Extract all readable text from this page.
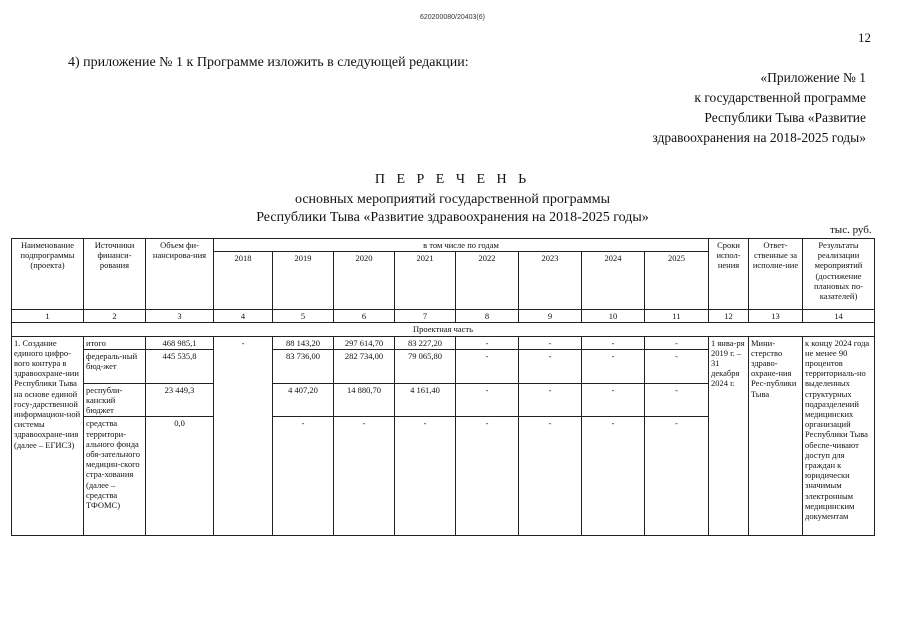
620200080/20403(6)
12
4) приложение № 1 к Программе изложить в следующей редакции:
«Приложение № 1
к государственной программе
Республики Тыва «Развитие
здравоохранения на 2018-2025 годы»
П Е Р Е Ч Е Н Ь
основных мероприятий государственной программы
Республики Тыва «Развитие здравоохранения на 2018-2025 годы»
тыс. руб.
Наименование подпрограммы (проекта)	Источники финанси-рования	Объем фи-нансирова-ния	в том числе по годам								Сроки испол-нения	Ответ-ственные за исполне-ние	Результаты реализации мероприятий (достижение плановых по-казателей)
			2018	2019	2020	2021	2022	2023	2024	2025			
1	2	3	4	5	6	7	8	9	10	11	12	13	14
Проектная часть													
1. Создание единого цифро-вого контура в здравоохране-нии Республики Тыва на основе единой госу-дарственной информацион-ной системы здравоохране-ния (далее – ЕГИСЗ)	итого	468 985,1	-	88 143,20	297 614,70	83 227,20	-	-	-	-	1 янва-ря 2019 г. – 31 декабря 2024 г.	Мини-стерство здраво-охране-ния Рес-публики Тыва	к концу 2024 года не менее 90 процентов территориаль-но выделенных структурных подразделений медицинских организаций Республики Тыва обеспе-чивают доступ для граждан к юридически значимым электронным медицинским документам
	федераль-ный бюд-жет	445 535,8		83 736,00	282 734,00	79 065,80	-	-	-	-			
	республи-канский бюджет	23 449,3		4 407,20	14 880,70	4 161,40	-	-	-	-			
	средства территори-ального фонда обя-зательного медицин-ского стра-хования (далее – средства ТФОМС)	0,0		-	-	-	-	-	-	-			
